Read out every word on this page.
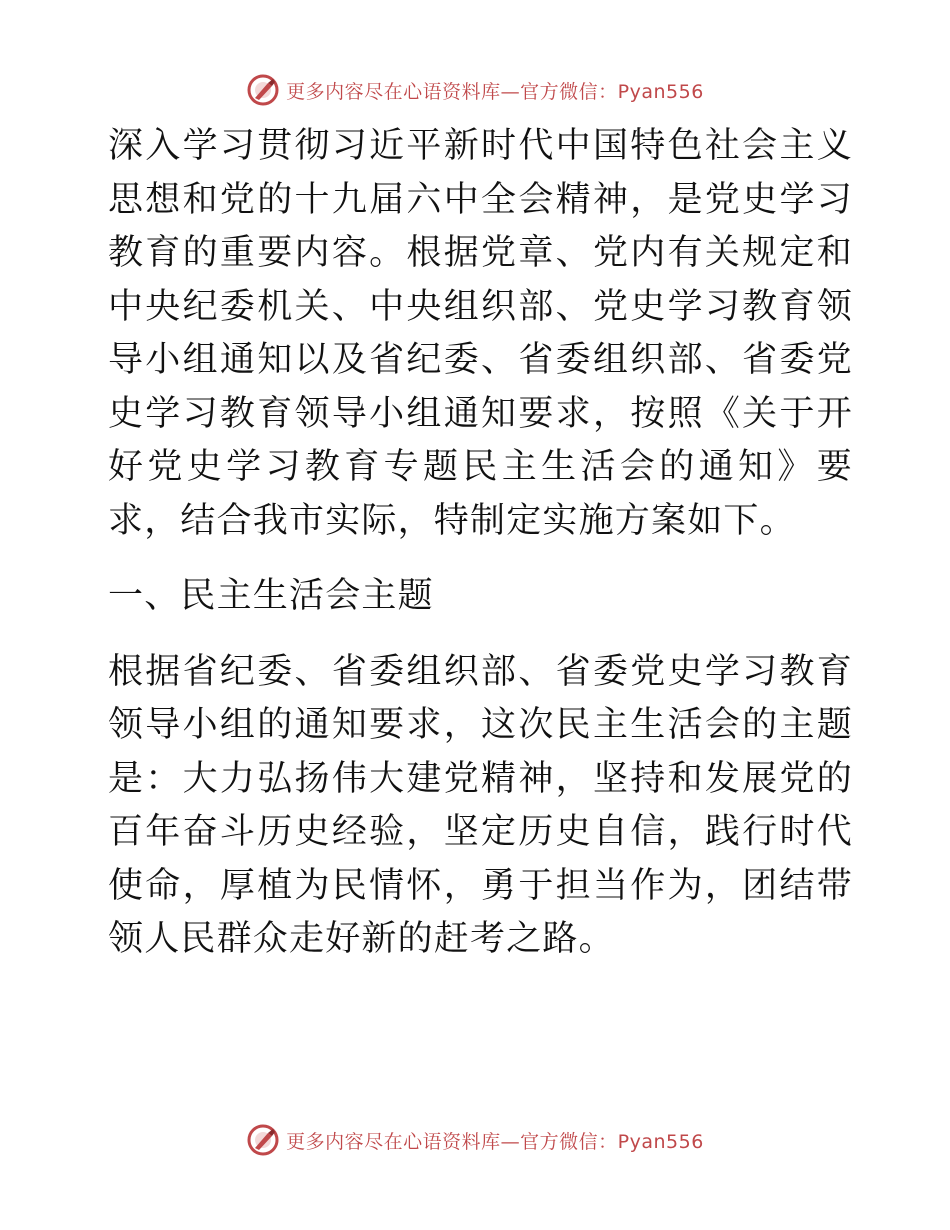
更多内容尽在心语资料库—官方微信：Pyan556

深入学习贯彻习近平新时代中国特色社会主义思想和党的十九届六中全会精神，是党史学习教育的重要内容。根据党章、党内有关规定和中央纪委机关、中央组织部、党史学习教育领导小组通知以及省纪委、省委组织部、省委党史学习教育领导小组通知要求，按照《关于开好党史学习教育专题民主生活会的通知》要求，结合我市实际，特制定实施方案如下。

一、民主生活会主题

根据省纪委、省委组织部、省委党史学习教育领导小组的通知要求，这次民主生活会的主题是：大力弘扬伟大建党精神，坚持和发展党的百年奋斗历史经验，坚定历史自信，践行时代使命，厚植为民情怀，勇于担当作为，团结带领人民群众走好新的赶考之路。

更多内容尽在心语资料库—官方微信：Pyan556
